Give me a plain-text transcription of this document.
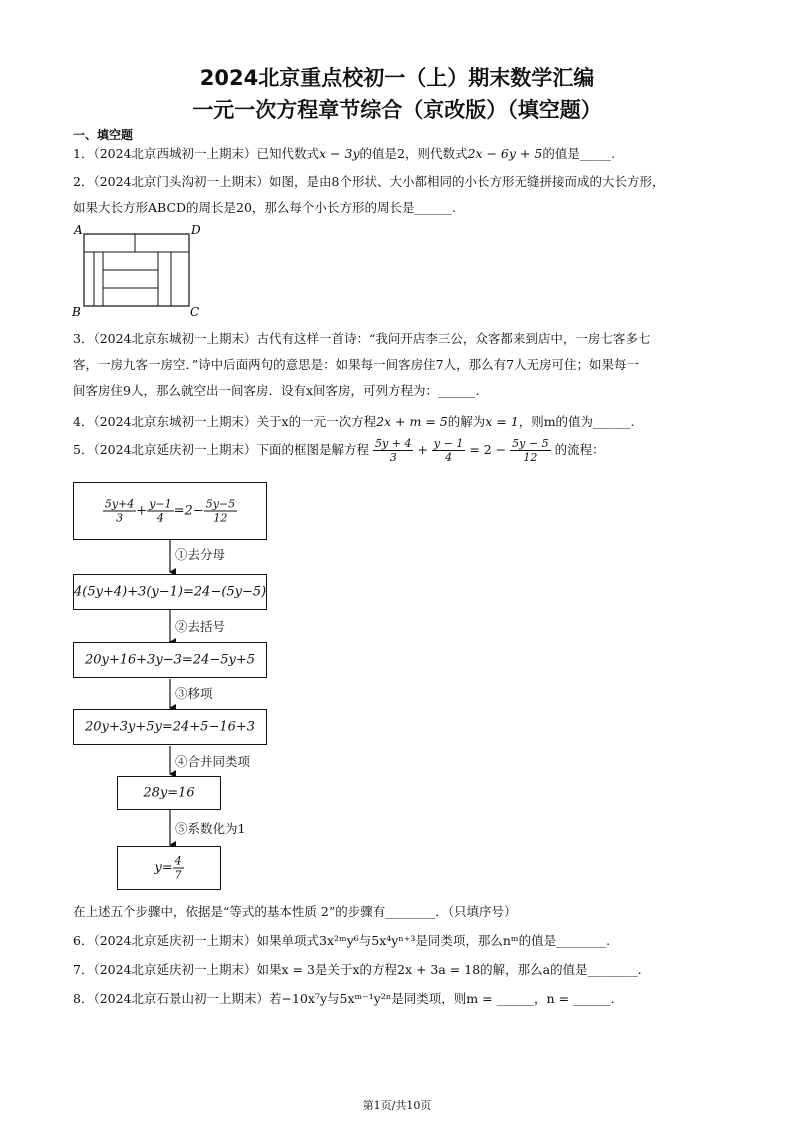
2024北京重点校初一（上）期末数学汇编
一元一次方程章节综合（京改版）（填空题）
一、填空题
1．（2024北京西城初一上期末）已知代数式x − 3y的值是2，则代数式2x − 6y + 5的值是_____.
2．（2024北京门头沟初一上期末）如图，是由8个形状、大小都相同的小长方形无缝拼接而成的大长方形，
如果大长方形ABCD的周长是20，那么每个小长方形的周长是______.
A	D
B	C
3．（2024北京东城初一上期末）古代有这样一首诗：“我问开店李三公，众客都来到店中，一房七客多七
客，一房九客一房空．”诗中后面两句的意思是：如果每一间客房住7人，那么有7人无房可住；如果每一
间客房住9人，那么就空出一间客房．设有x间客房，可列方程为：______.
4．（2024北京东城初一上期末）关于x的一元一次方程2x + m = 5的解为x = 1，则m的值为______.
5．（2024北京延庆初一上期末）下面的框图是解方程 $\frac{5y + 4}{3} + \frac{y - 1}{4} = 2 - \frac{5y - 5}{12}$ 的流程：
$\frac{5y+4}{3} + \frac{y-1}{4} =2- \frac{5y-5}{12}$
①去分母
4(5y+4)+3(y−1)=24−(5y−5)
②去括号
20y+16+3y−3=24−5y+5
③移项
20y+3y+5y=24+5−16+3
④合并同类项
28y=16
⑤系数化为1
$y= \frac{4}{7}$
在上述五个步骤中，依据是“等式的基本性质 2”的步骤有________．（只填序号）
6．（2024北京延庆初一上期末）如果单项式3x²ᵐy⁶与5x⁴yⁿ⁺³是同类项，那么nᵐ的值是________.
7．（2024北京延庆初一上期末）如果x = 3是关于x的方程2x + 3a = 18的解，那么a的值是________.
8．（2024北京石景山初一上期末）若−10x⁷y与5xᵐ⁻¹y²ⁿ是同类项，则m = ______，n = ______.
第1页/共10页
